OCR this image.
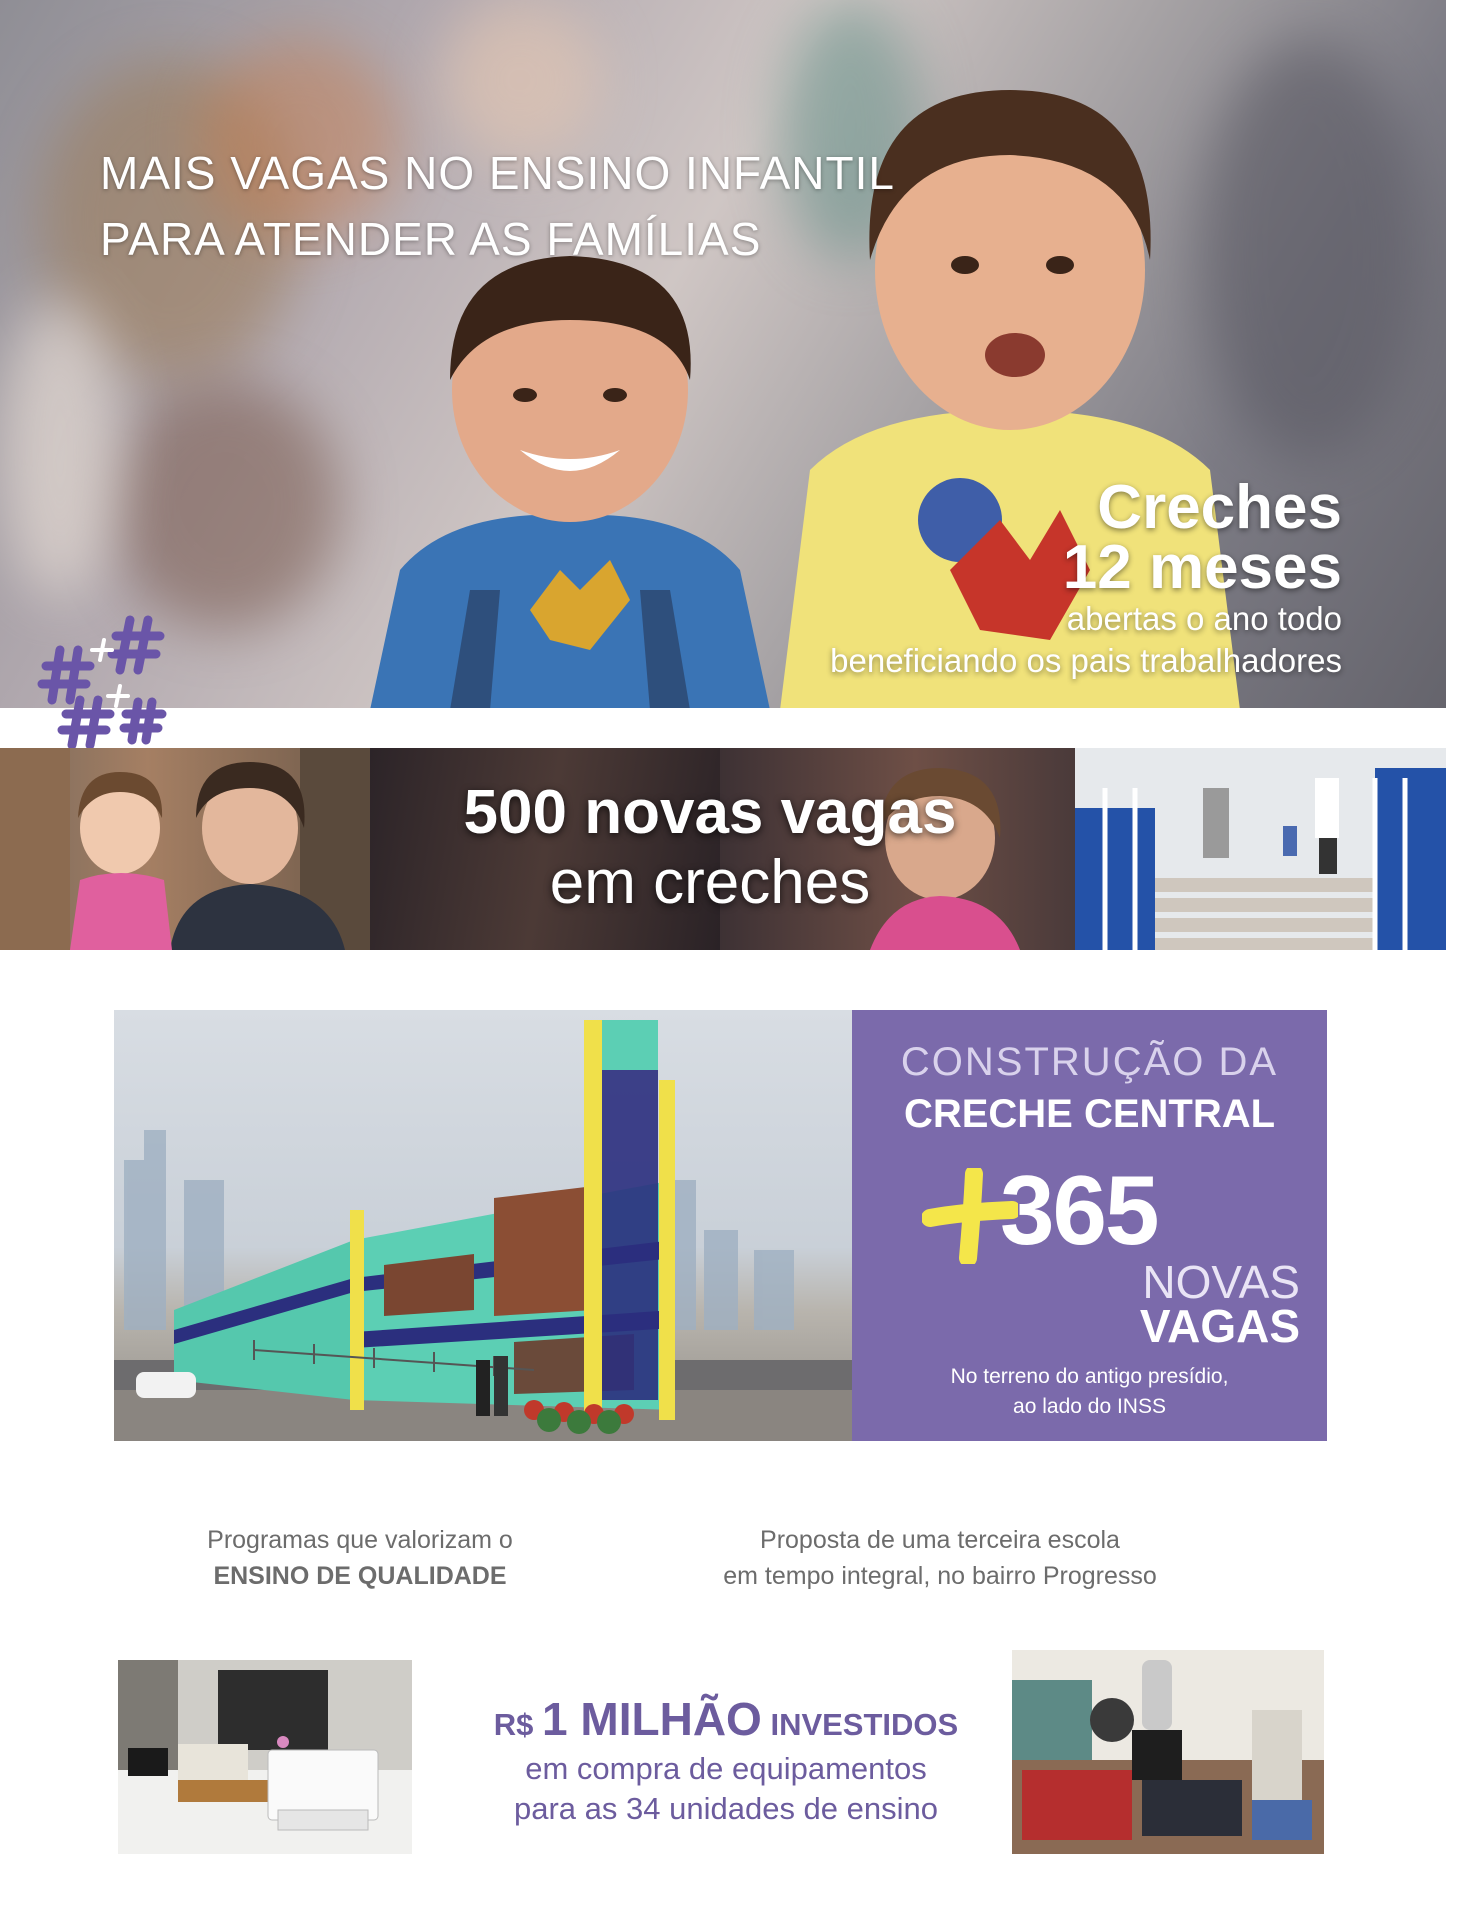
MAIS VAGAS NO ENSINO INFANTIL
PARA ATENDER AS FAMÍLIAS
Creches
12 meses
abertas o ano todo
beneficiando os pais trabalhadores
500 novas vagas
em creches
CONSTRUÇÃO DA
CRECHE CENTRAL
365
NOVAS
VAGAS
No terreno do antigo presídio,
ao lado do INSS
Programas que valorizam o
ENSINO DE QUALIDADE
Proposta de uma terceira escola
em tempo integral, no bairro Progresso
R$ 1 MILHÃO INVESTIDOS
em compra de equipamentos
para as 34 unidades de ensino
